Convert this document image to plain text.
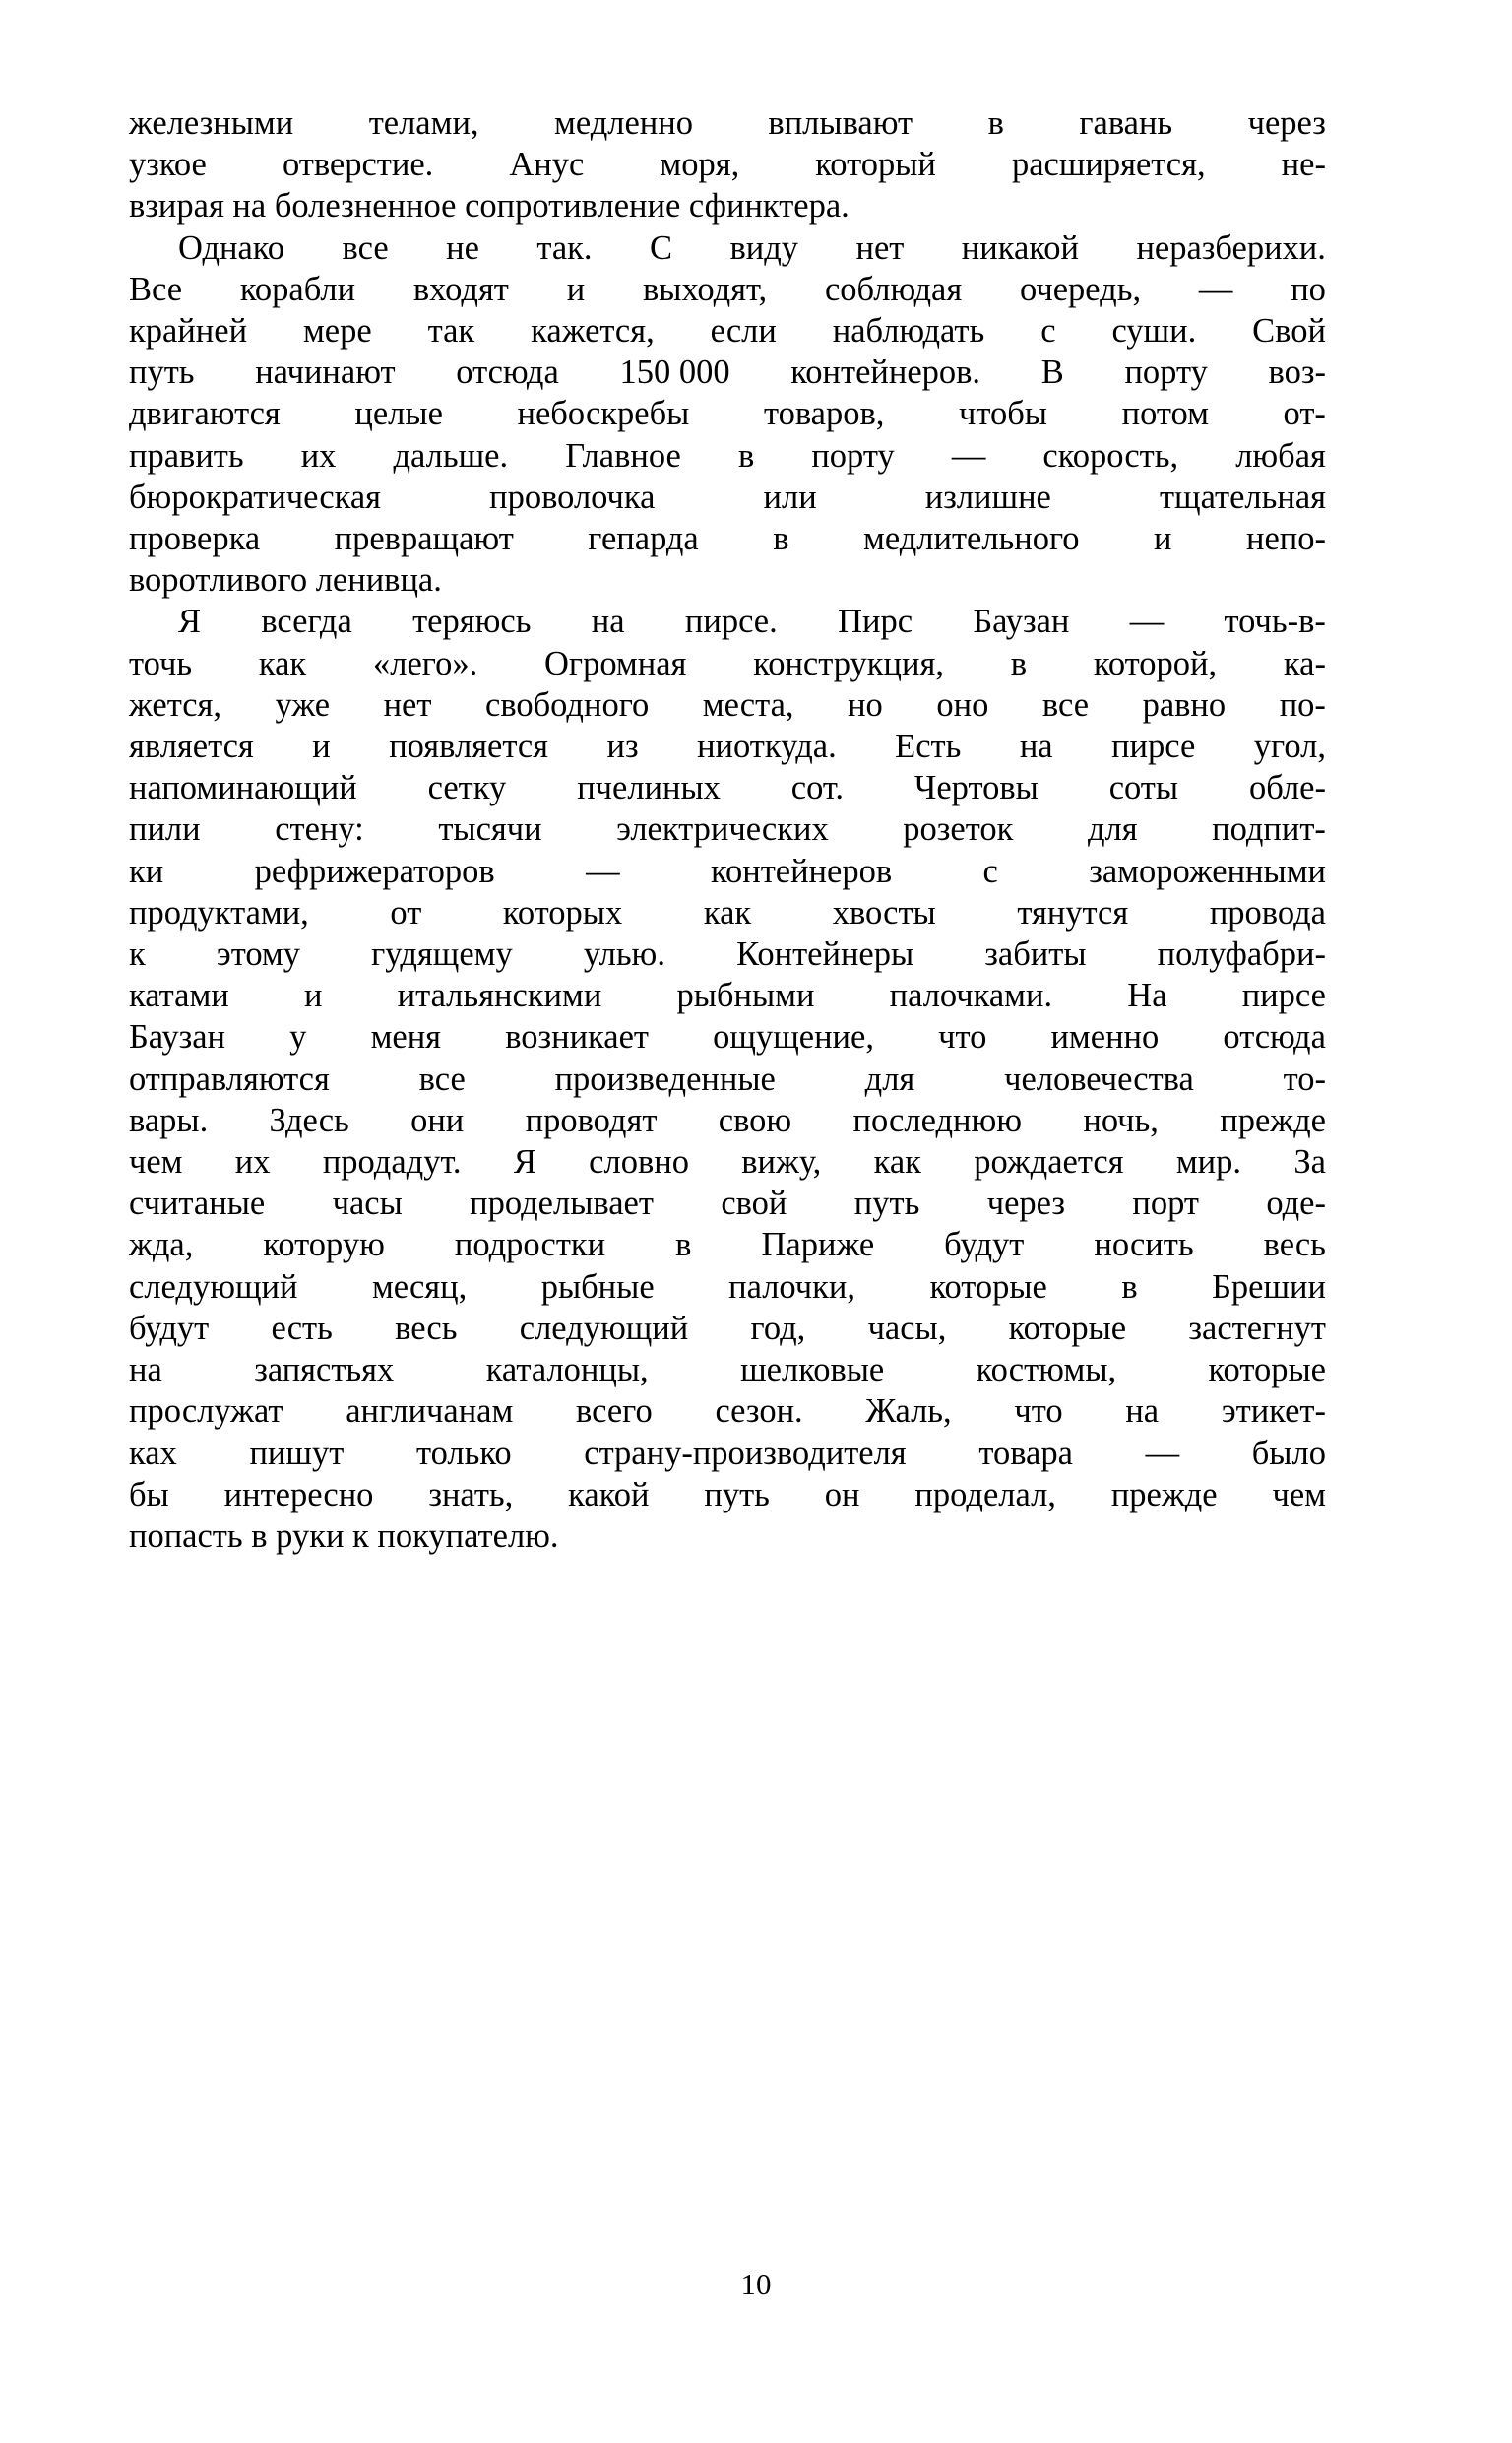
железными телами, медленно вплывают в гавань через
узкое отверстие. Анус моря, который расширяется, не-
взирая на болезненное сопротивление сфинктера.
Однако все не так. С виду нет никакой неразберихи.
Все корабли входят и выходят, соблюдая очередь, — по
крайней мере так кажется, если наблюдать с суши. Свой
путь начинают отсюда 150 000 контейнеров. В порту воз-
двигаются целые небоскребы товаров, чтобы потом от-
править их дальше. Главное в порту — скорость, любая
бюрократическая	проволочка	или	излишне	тщательная
проверка превращают гепарда в медлительного и непо-
воротливого ленивца.
Я всегда теряюсь на пирсе. Пирс Баузан — точь-в-
точь как «лего». Огромная конструкция, в которой, ка-
жется, уже нет свободного места, но оно все равно по-
является и появляется из ниоткуда. Есть на пирсе угол,
напоминающий сетку пчелиных сот. Чертовы соты обле-
пили стену: тысячи электрических розеток для подпит-
ки	рефрижераторов	—	контейнеров	с	замороженными
продуктами, от которых как хвосты тянутся провода
к этому гудящему улью. Контейнеры забиты полуфабри-
катами и итальянскими рыбными палочками. На пирсе
Баузан у меня возникает ощущение, что именно отсюда
отправляются	все	произведенные	для	человечества	то-
вары. Здесь они проводят свою последнюю ночь, прежде
чем их продадут. Я словно вижу, как рождается мир. За
считаные часы проделывает свой путь через порт оде-
жда, которую подростки в Париже будут носить весь
следующий месяц, рыбные палочки, которые в Брешии
будут есть весь следующий год, часы, которые застегнут
на	запястьях	каталонцы,	шелковые	костюмы,	которые
прослужат англичанам всего сезон. Жаль, что на этикет-
ках пишут только страну-производителя товара — было
бы интересно знать, какой путь он проделал, прежде чем
попасть в руки к покупателю.
10
